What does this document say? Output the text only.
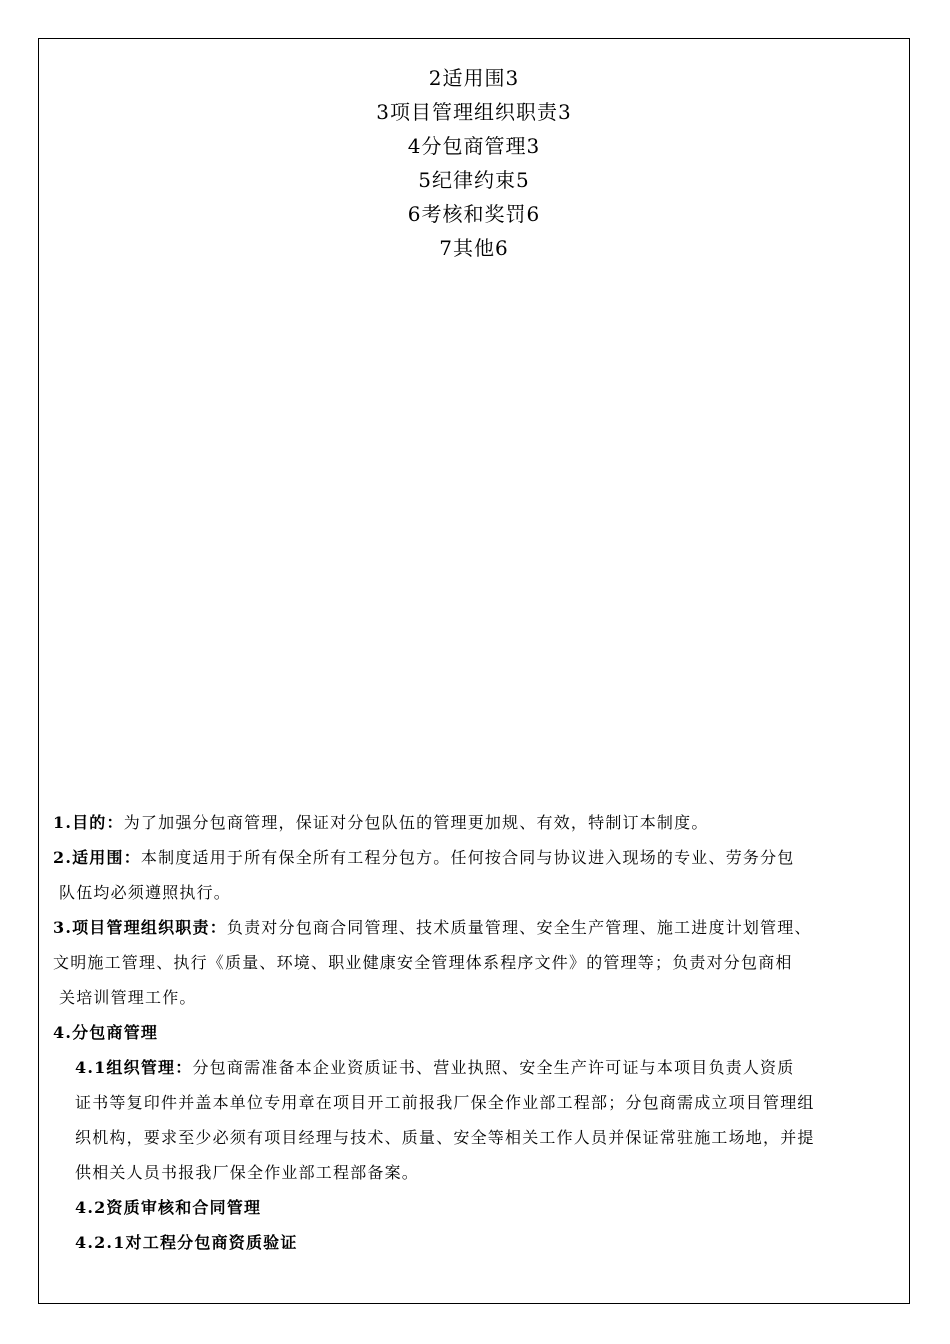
2适用围3
3项目管理组织职责3
4分包商管理3
5纪律约束5
6考核和奖罚6
7其他6

1.目的：为了加强分包商管理，保证对分包队伍的管理更加规、有效，特制订本制度。

2.适用围：本制度适用于所有保全所有工程分包方。任何按合同与协议进入现场的专业、劳务分包

队伍均必须遵照执行。

3.项目管理组织职责：负责对分包商合同管理、技术质量管理、安全生产管理、施工进度计划管理、

文明施工管理、执行《质量、环境、职业健康安全管理体系程序文件》的管理等；负责对分包商相

关培训管理工作。

4.分包商管理

4.1组织管理：分包商需准备本企业资质证书、营业执照、安全生产许可证与本项目负责人资质

证书等复印件并盖本单位专用章在项目开工前报我厂保全作业部工程部；分包商需成立项目管理组

织机构，要求至少必须有项目经理与技术、质量、安全等相关工作人员并保证常驻施工场地，并提

供相关人员书报我厂保全作业部工程部备案。

4.2资质审核和合同管理

4.2.1对工程分包商资质验证
